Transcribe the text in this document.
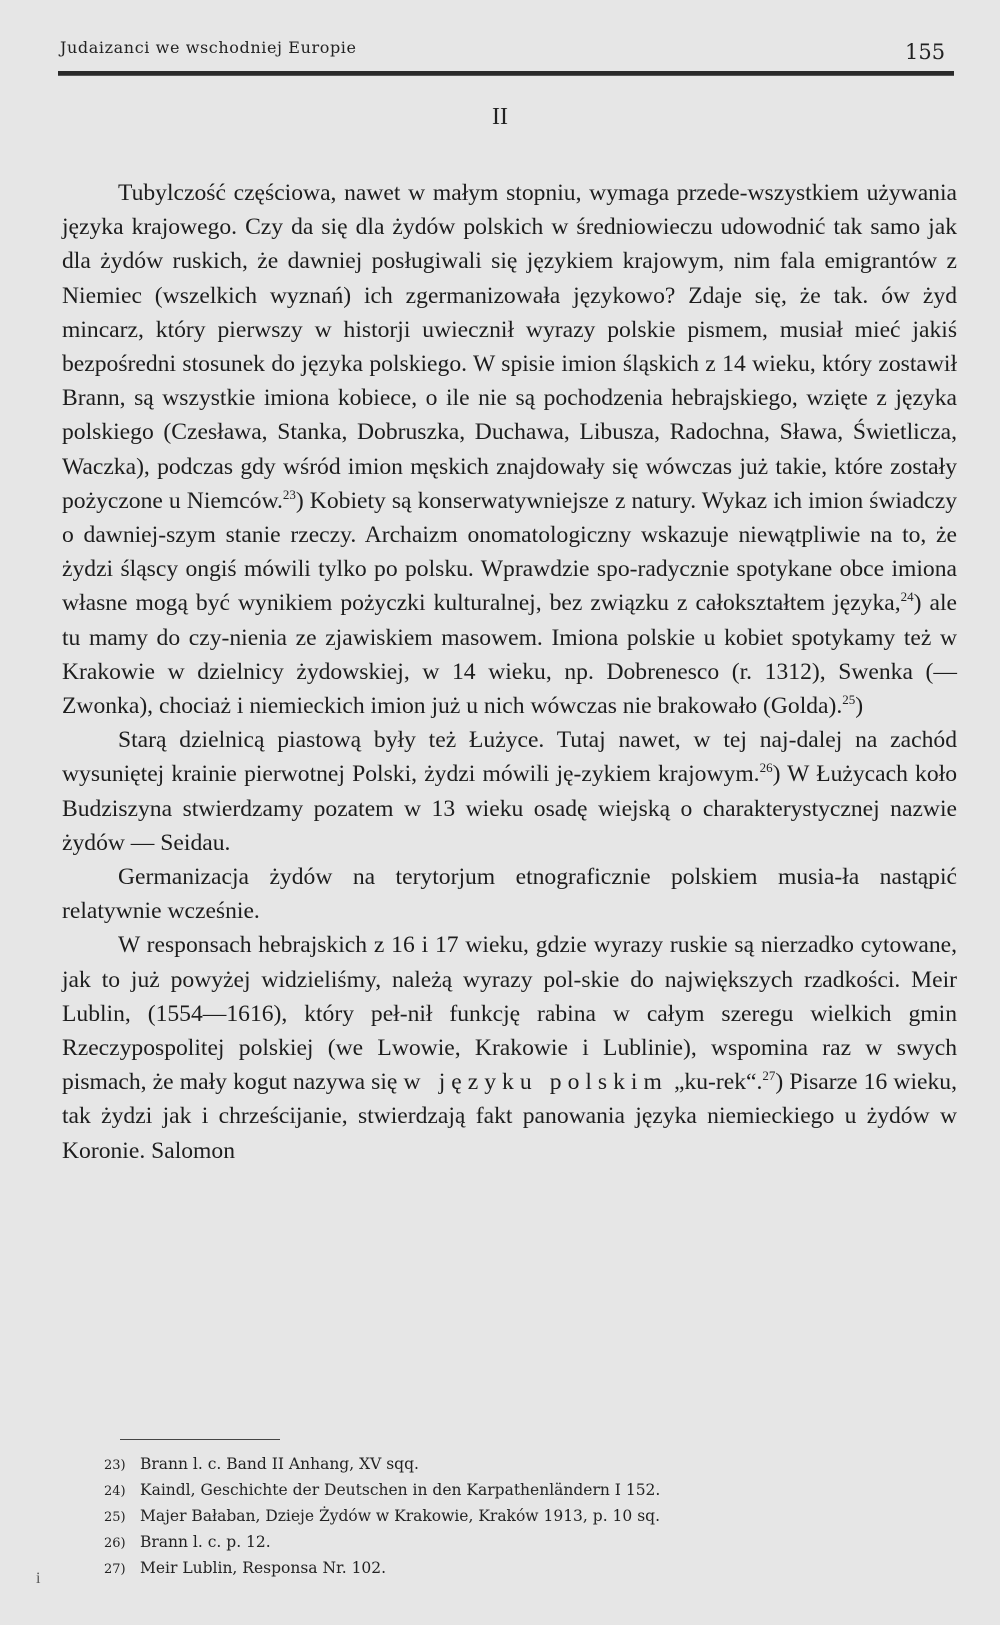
Judaizanci we wschodniej Europie	155
II

Tubylczość częściowa, nawet w małym stopniu, wymaga przede-wszystkiem używania języka krajowego. Czy da się dla żydów polskich w średniowieczu udowodnić tak samo jak dla żydów ruskich, że dawniej posługiwali się językiem krajowym, nim fala emigrantów z Niemiec (wszelkich wyznań) ich zgermanizowała językowo? Zdaje się, że tak. ów żyd mincarz, który pierwszy w historji uwiecznił wyrazy polskie pismem, musiał mieć jakiś bezpośredni stosunek do języka polskiego. W spisie imion śląskich z 14 wieku, który zostawił Brann, są wszystkie imiona kobiece, o ile nie są pochodzenia hebrajskiego, wzięte z języka polskiego (Czesława, Stanka, Dobruszka, Duchawa, Libusza, Radochna, Sława, Świetlicza, Waczka), podczas gdy wśród imion męskich znajdowały się wówczas już takie, które zostały pożyczone u Niemców.$^{23}$) Kobiety są konserwatywniejsze z natury. Wykaz ich imion świadczy o dawniej-szym stanie rzeczy. Archaizm onomatologiczny wskazuje niewątpliwie na to, że żydzi śląscy ongiś mówili tylko po polsku. Wprawdzie spo-radycznie spotykane obce imiona własne mogą być wynikiem pożyczki kulturalnej, bez związku z całokształtem języka,$^{24}$) ale tu mamy do czy-nienia ze zjawiskiem masowem. Imiona polskie u kobiet spotykamy też w Krakowie w dzielnicy żydowskiej, w 14 wieku, np. Dobrenesco (r. 1312), Swenka (— Zwonka), chociaż i niemieckich imion już u nich wówczas nie brakowało (Golda).$^{25}$)

Starą dzielnicą piastową były też Łużyce. Tutaj nawet, w tej naj-dalej na zachód wysuniętej krainie pierwotnej Polski, żydzi mówili ję-zykiem krajowym.$^{26}$) W Łużycach koło Budziszyna stwierdzamy pozatem w 13 wieku osadę wiejską o charakterystycznej nazwie żydów — Seidau.

Germanizacja żydów na terytorjum etnograficznie polskiem musia-ła nastąpić relatywnie wcześnie.

W responsach hebrajskich z 16 i 17 wieku, gdzie wyrazy ruskie są nierzadko cytowane, jak to już powyżej widzieliśmy, należą wyrazy pol-skie do największych rzadkości. Meir Lublin, (1554—1616), który peł-nił funkcję rabina w całym szeregu wielkich gmin Rzeczypospolitej polskiej (we Lwowie, Krakowie i Lublinie), wspomina raz w swych pismach, że mały kogut nazywa się w języku polskim „ku-rek“.$^{27}$) Pisarze 16 wieku, tak żydzi jak i chrześcijanie, stwierdzają fakt panowania języka niemieckiego u żydów w Koronie. Salomon

23) Brann l. c. Band II Anhang, XV sqq.
24) Kaindl, Geschichte der Deutschen in den Karpathenländern I 152.
25) Majer Bałaban, Dzieje Żydów w Krakowie, Kraków 1913, p. 10 sq.
26) Brann l. c. p. 12.
27) Meir Lublin, Responsa Nr. 102.
i
